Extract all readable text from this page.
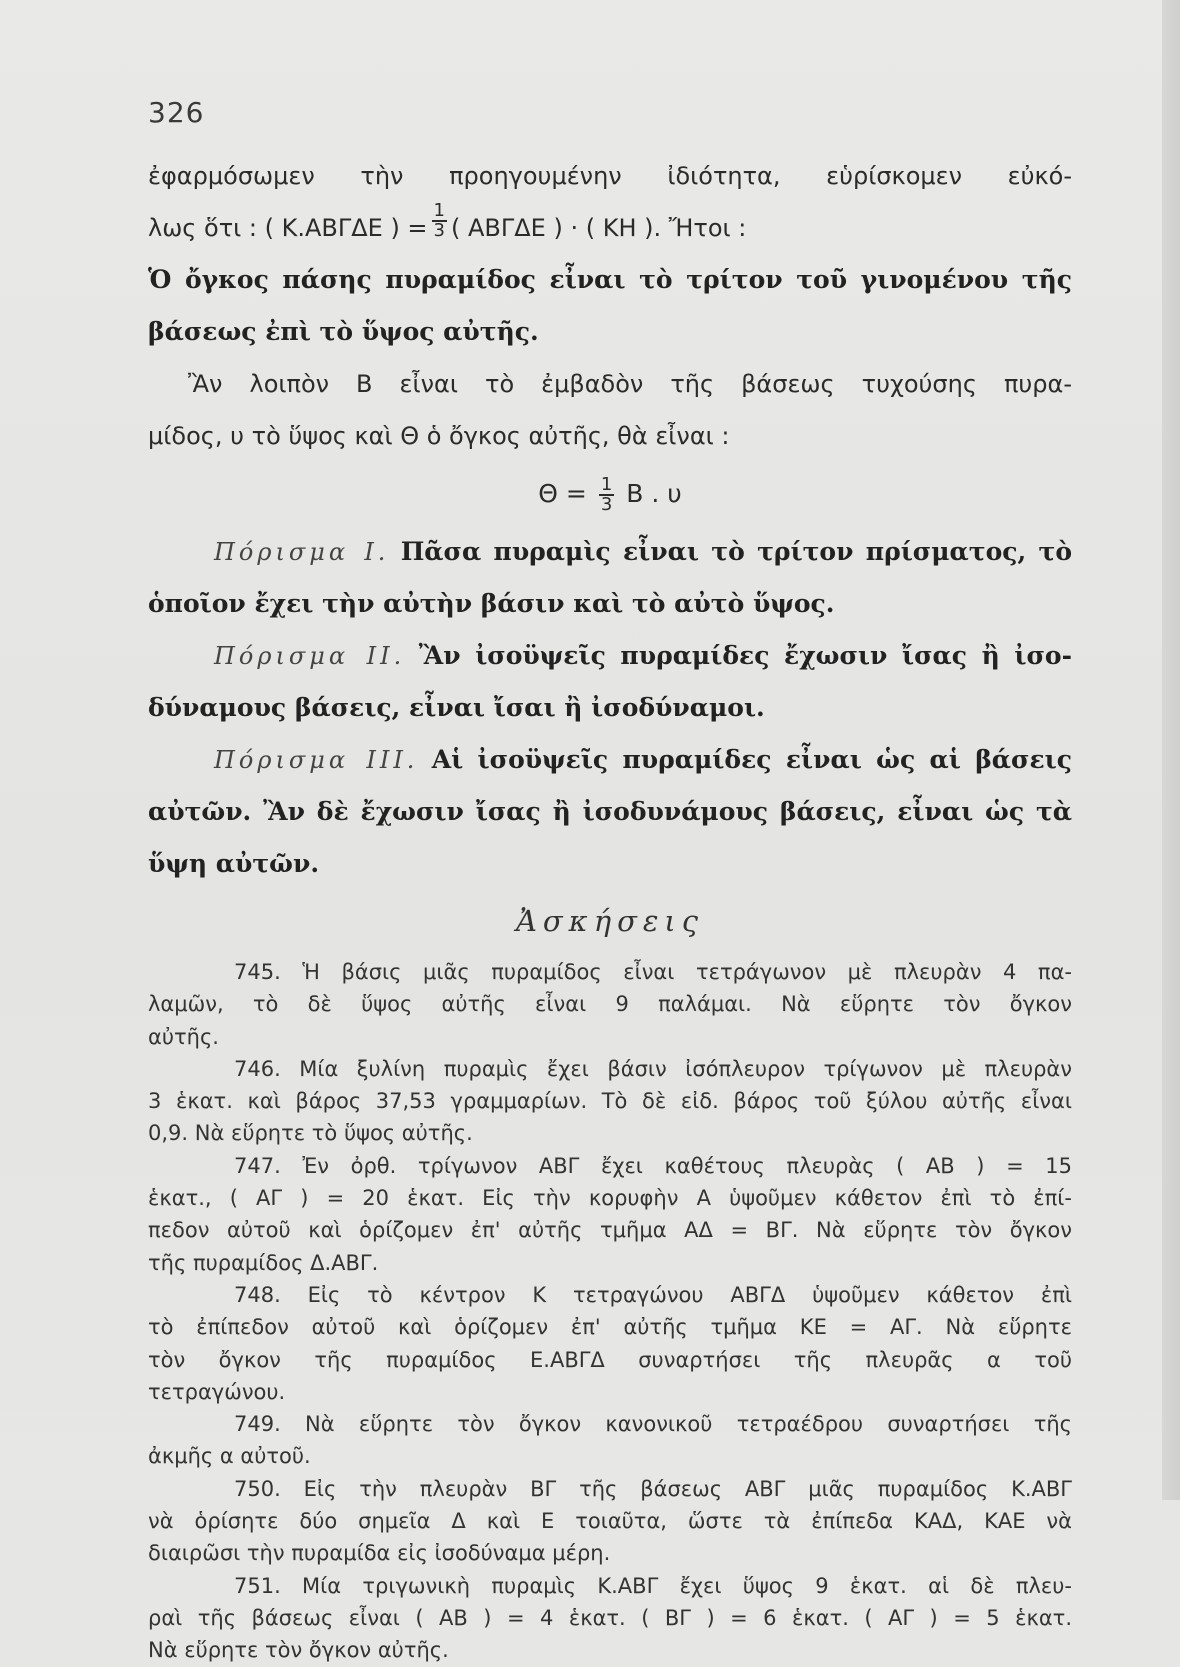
326
ἐφαρμόσωμεν τὴν προηγουμένην ἰδιότητα, εὑρίσκομεν εὐκό-
λως ὅτι : ( Κ.ΑΒΓΔΕ ) = $\frac{1}{3}$ ( ΑΒΓΔΕ ) · ( ΚΗ ). Ἤτοι :
Ὁ ὄγκος πάσης πυραμίδος εἶναι τὸ τρίτον τοῦ γινομένου τῆς
βάσεως ἐπὶ τὸ ὕψος αὐτῆς.
Ἂν λοιπὸν Β εἶναι τὸ ἐμβαδὸν τῆς βάσεως τυχούσης πυρα-
μίδος, υ τὸ ὕψος καὶ Θ ὁ ὄγκος αὐτῆς, θὰ εἶναι :
$\Theta = \frac{1}{3}$ Β . υ
Πόρισμα Ι. Πᾶσα πυραμὶς εἶναι τὸ τρίτον πρίσματος, τὸ
ὁποῖον ἔχει τὴν αὐτὴν βάσιν καὶ τὸ αὐτὸ ὕψος.
Πόρισμα ΙΙ. Ἂν ἰσοϋψεῖς πυραμίδες ἔχωσιν ἴσας ἢ ἰσο-
δύναμους βάσεις, εἶναι ἴσαι ἢ ἰσοδύναμοι.
Πόρισμα ΙΙΙ. Αἱ ἰσοϋψεῖς πυραμίδες εἶναι ὡς αἱ βάσεις
αὐτῶν. Ἂν δὲ ἔχωσιν ἴσας ἢ ἰσοδυνάμους βάσεις, εἶναι ὡς τὰ
ὕψη αὐτῶν.
Ἀσκήσεις
745. Ἡ βάσις μιᾶς πυραμίδος εἶναι τετράγωνον μὲ πλευρὰν 4 πα-
λαμῶν, τὸ δὲ ὕψος αὐτῆς εἶναι 9 παλάμαι. Νὰ εὕρητε τὸν ὄγκον
αὐτῆς.
746. Μία ξυλίνη πυραμὶς ἔχει βάσιν ἰσόπλευρον τρίγωνον μὲ πλευρὰν
3 ἑκατ. καὶ βάρος 37,53 γραμμαρίων. Τὸ δὲ εἰδ. βάρος τοῦ ξύλου αὐτῆς εἶναι
0,9. Νὰ εὕρητε τὸ ὕψος αὐτῆς.
747. Ἐν ὀρθ. τρίγωνον ΑΒΓ ἔχει καθέτους πλευρὰς ( ΑΒ ) = 15
ἑκατ., ( ΑΓ ) = 20 ἑκατ. Εἰς τὴν κορυφὴν Α ὑψοῦμεν κάθετον ἐπὶ τὸ ἐπί-
πεδον αὐτοῦ καὶ ὁρίζομεν ἐπ' αὐτῆς τμῆμα ΑΔ = ΒΓ. Νὰ εὕρητε τὸν ὄγκον
τῆς πυραμίδος Δ.ΑΒΓ.
748. Εἰς τὸ κέντρον Κ τετραγώνου ΑΒΓΔ ὑψοῦμεν κάθετον ἐπὶ
τὸ ἐπίπεδον αὐτοῦ καὶ ὁρίζομεν ἐπ' αὐτῆς τμῆμα ΚΕ = ΑΓ. Νὰ εὕρητε
τὸν ὄγκον τῆς πυραμίδος Ε.ΑΒΓΔ συναρτήσει τῆς πλευρᾶς α τοῦ
τετραγώνου.
749. Νὰ εὕρητε τὸν ὄγκον κανονικοῦ τετραέδρου συναρτήσει τῆς
ἀκμῆς α αὐτοῦ.
750. Εἰς τὴν πλευρὰν ΒΓ τῆς βάσεως ΑΒΓ μιᾶς πυραμίδος Κ.ΑΒΓ
νὰ ὁρίσητε δύο σημεῖα Δ καὶ Ε τοιαῦτα, ὥστε τὰ ἐπίπεδα ΚΑΔ, ΚΑΕ νὰ
διαιρῶσι τὴν πυραμίδα εἰς ἰσοδύναμα μέρη.
751. Μία τριγωνικὴ πυραμὶς Κ.ΑΒΓ ἔχει ὕψος 9 ἑκατ. αἱ δὲ πλευ-
ραὶ τῆς βάσεως εἶναι ( ΑΒ ) = 4 ἑκατ. ( ΒΓ ) = 6 ἑκατ. ( ΑΓ ) = 5 ἑκατ.
Νὰ εὕρητε τὸν ὄγκον αὐτῆς.
